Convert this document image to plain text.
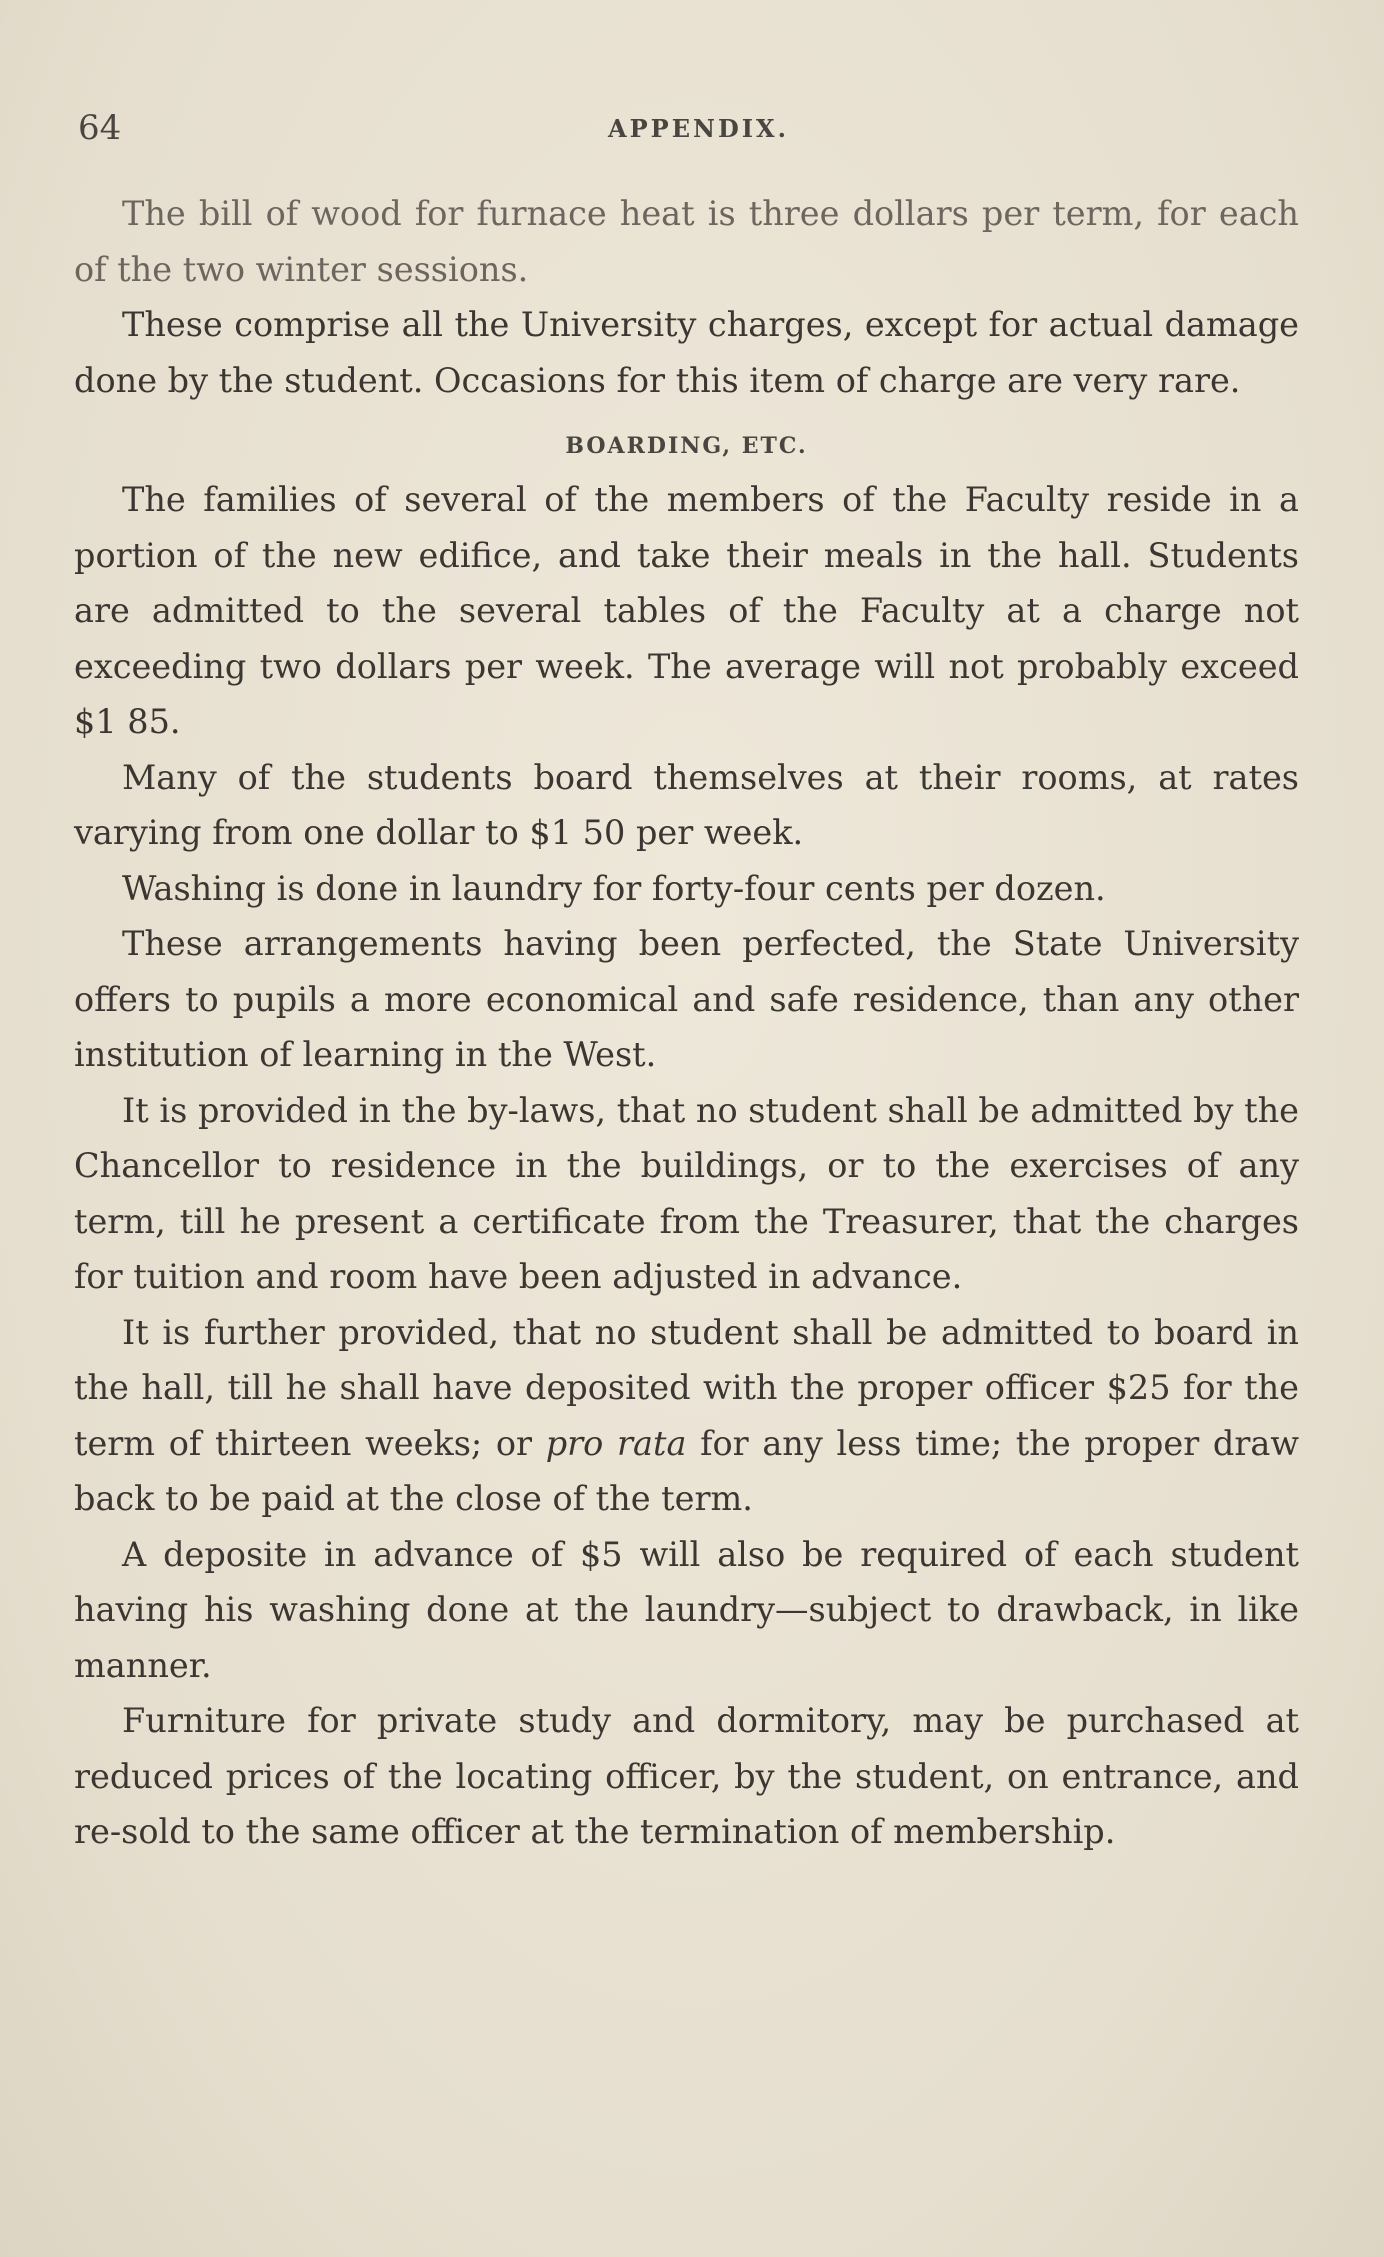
64	APPENDIX.

The bill of wood for furnace heat is three dollars per term, for each of the two winter sessions.

These comprise all the University charges, except for actual damage done by the student. Occasions for this item of charge are very rare.

BOARDING, ETC.

The families of several of the members of the Faculty reside in a portion of the new edifice, and take their meals in the hall. Students are admitted to the several tables of the Faculty at a charge not exceeding two dollars per week. The average will not probably exceed $1 85.

Many of the students board themselves at their rooms, at rates varying from one dollar to $1 50 per week.

Washing is done in laundry for forty-four cents per dozen.

These arrangements having been perfected, the State University offers to pupils a more economical and safe residence, than any other institution of learning in the West.

It is provided in the by-laws, that no student shall be admitted by the Chancellor to residence in the buildings, or to the exercises of any term, till he present a certificate from the Treasurer, that the charges for tuition and room have been adjusted in advance.

It is further provided, that no student shall be admitted to board in the hall, till he shall have deposited with the proper officer $25 for the term of thirteen weeks; or pro rata for any less time; the proper draw back to be paid at the close of the term.

A deposite in advance of $5 will also be required of each student having his washing done at the laundry—subject to drawback, in like manner.

Furniture for private study and dormitory, may be purchased at reduced prices of the locating officer, by the student, on entrance, and re-sold to the same officer at the termination of membership.
